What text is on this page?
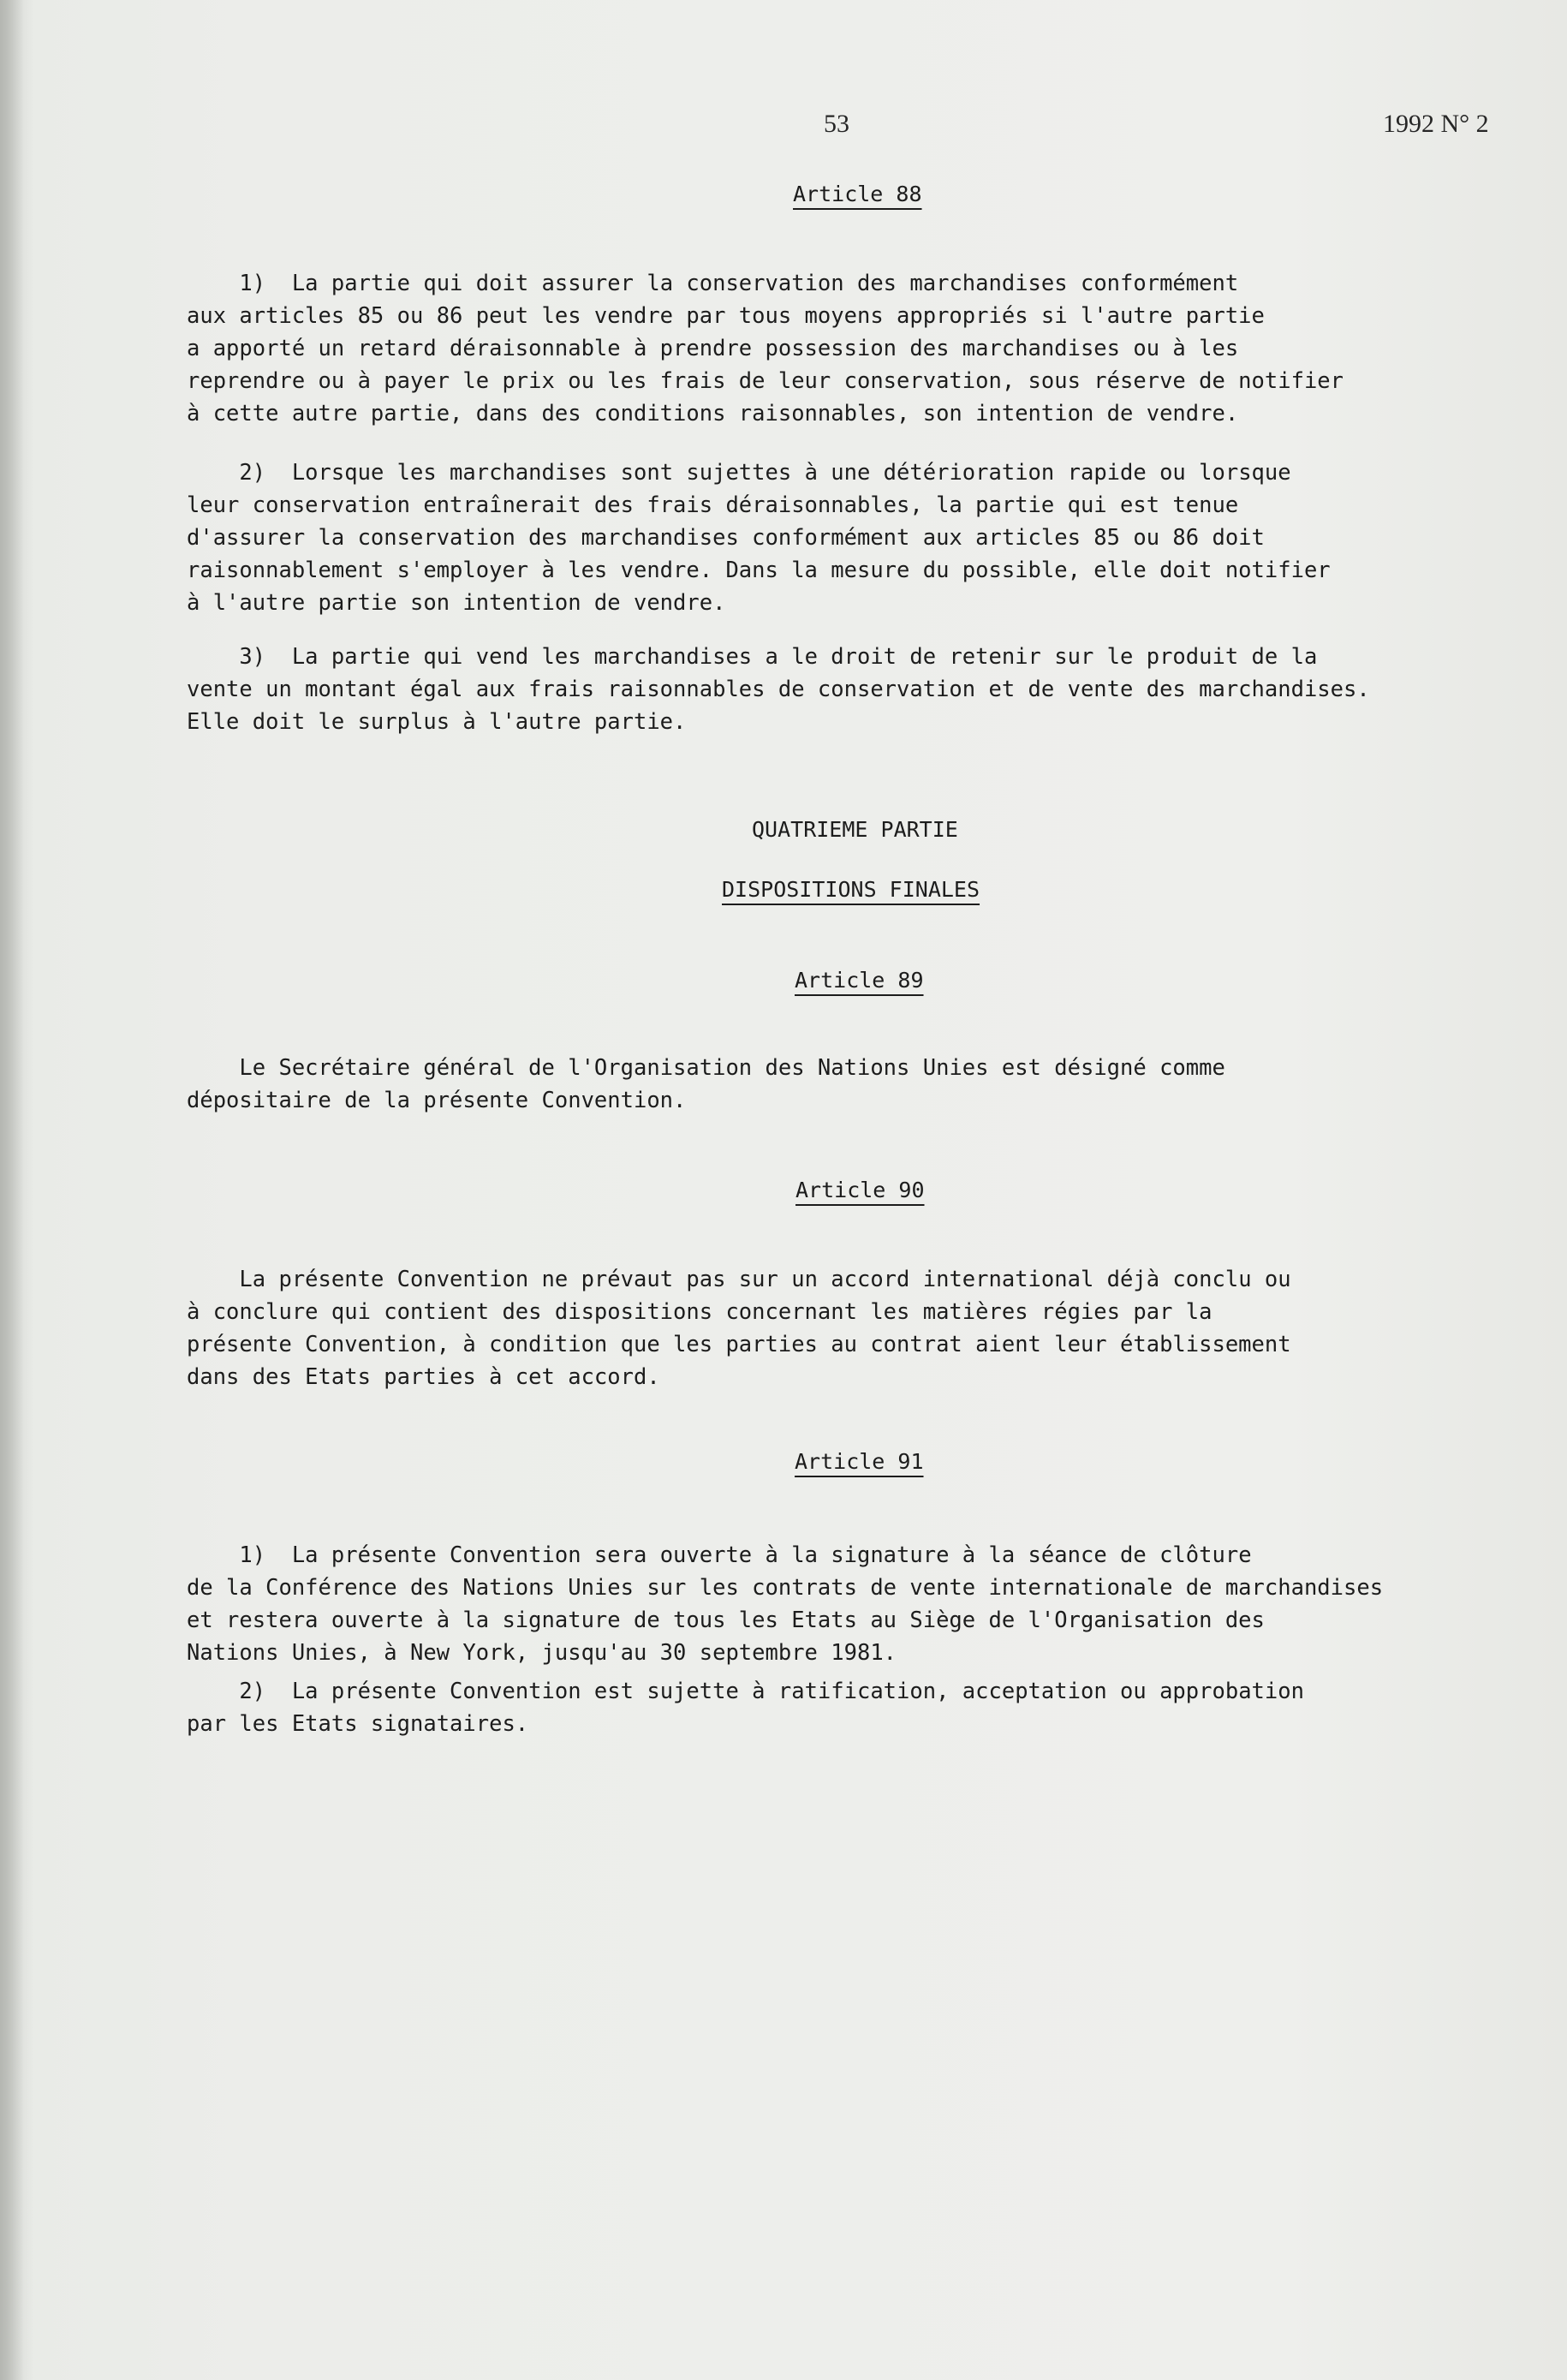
53	1992 N° 2
Article 88
1)  La partie qui doit assurer la conservation des marchandises conformément
aux articles 85 ou 86 peut les vendre par tous moyens appropriés si l'autre partie
a apporté un retard déraisonnable à prendre possession des marchandises ou à les
reprendre ou à payer le prix ou les frais de leur conservation, sous réserve de notifier
à cette autre partie, dans des conditions raisonnables, son intention de vendre.
2)  Lorsque les marchandises sont sujettes à une détérioration rapide ou lorsque
leur conservation entraînerait des frais déraisonnables, la partie qui est tenue
d'assurer la conservation des marchandises conformément aux articles 85 ou 86 doit
raisonnablement s'employer à les vendre. Dans la mesure du possible, elle doit notifier
à l'autre partie son intention de vendre.
3)  La partie qui vend les marchandises a le droit de retenir sur le produit de la
vente un montant égal aux frais raisonnables de conservation et de vente des marchandises.
Elle doit le surplus à l'autre partie.
QUATRIEME PARTIE
DISPOSITIONS FINALES
Article 89
Le Secrétaire général de l'Organisation des Nations Unies est désigné comme
dépositaire de la présente Convention.
Article 90
La présente Convention ne prévaut pas sur un accord international déjà conclu ou
à conclure qui contient des dispositions concernant les matières régies par la
présente Convention, à condition que les parties au contrat aient leur établissement
dans des Etats parties à cet accord.
Article 91
1)  La présente Convention sera ouverte à la signature à la séance de clôture
de la Conférence des Nations Unies sur les contrats de vente internationale de marchandises
et restera ouverte à la signature de tous les Etats au Siège de l'Organisation des
Nations Unies, à New York, jusqu'au 30 septembre 1981.
2)  La présente Convention est sujette à ratification, acceptation ou approbation
par les Etats signataires.
